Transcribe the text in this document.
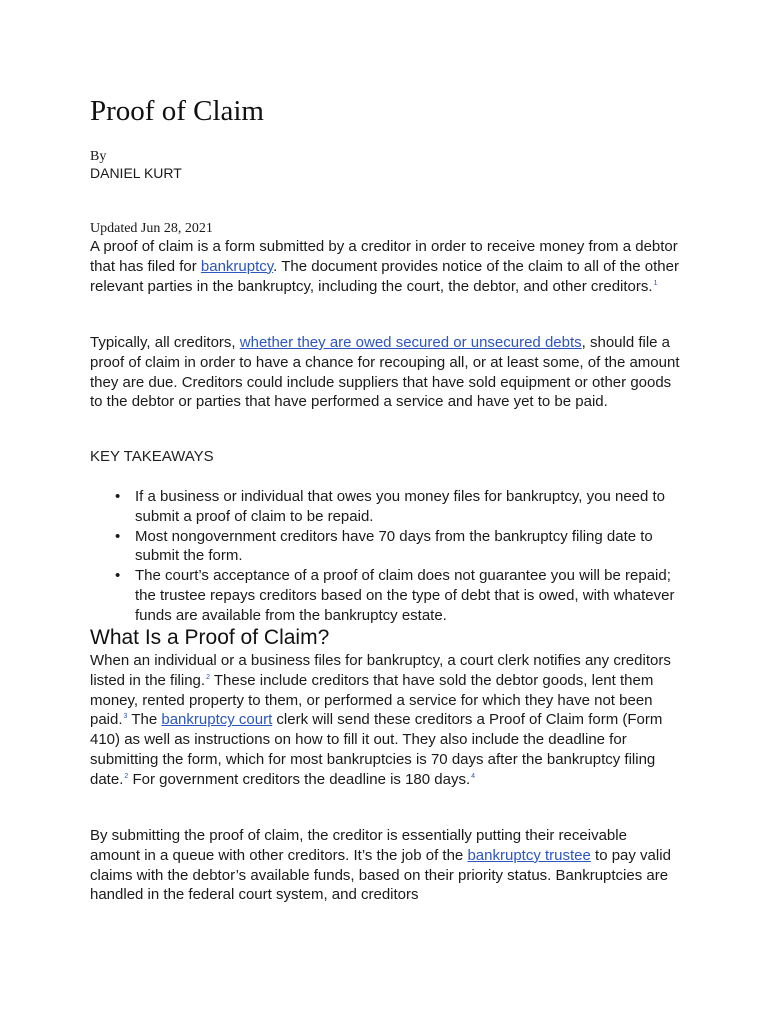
Proof of Claim
By
DANIEL KURT
Updated Jun 28, 2021

A proof of claim is a form submitted by a creditor in order to receive money from a debtor that has filed for bankruptcy. The document provides notice of the claim to all of the other relevant parties in the bankruptcy, including the court, the debtor, and other creditors.$^1$

Typically, all creditors, whether they are owed secured or unsecured debts, should file a proof of claim in order to have a chance for recouping all, or at least some, of the amount they are due. Creditors could include suppliers that have sold equipment or other goods to the debtor or parties that have performed a service and have yet to be paid.

KEY TAKEAWAYS
• If a business or individual that owes you money files for bankruptcy, you need to submit a proof of claim to be repaid.
• Most nongovernment creditors have 70 days from the bankruptcy filing date to submit the form.
• The court’s acceptance of a proof of claim does not guarantee you will be repaid; the trustee repays creditors based on the type of debt that is owed, with whatever funds are available from the bankruptcy estate.
What Is a Proof of Claim?

When an individual or a business files for bankruptcy, a court clerk notifies any creditors listed in the filing.$^2$ These include creditors that have sold the debtor goods, lent them money, rented property to them, or performed a service for which they have not been paid.$^3$ The bankruptcy court clerk will send these creditors a Proof of Claim form (Form 410) as well as instructions on how to fill it out. They also include the deadline for submitting the form, which for most bankruptcies is 70 days after the bankruptcy filing date.$^2$ For government creditors the deadline is 180 days.$^4$

By submitting the proof of claim, the creditor is essentially putting their receivable amount in a queue with other creditors. It’s the job of the bankruptcy trustee to pay valid claims with the debtor’s available funds, based on their priority status. Bankruptcies are handled in the federal court system, and creditors
